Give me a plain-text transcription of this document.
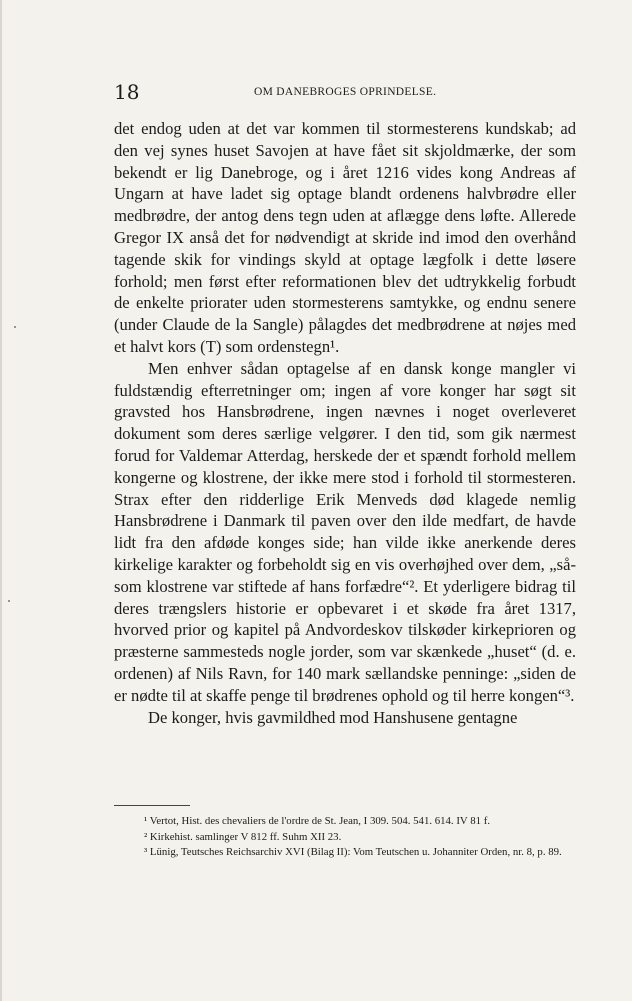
18	OM DANEBROGES OPRINDELSE.

det endog uden at det var kommen til stormesterens kundskab; ad den vej synes huset Savojen at have fået sit skjoldmærke, der som bekendt er lig Danebroge, og i året 1216 vides kong Andreas af Ungarn at have ladet sig optage blandt ordenens halvbrødre eller medbrødre, der antog dens tegn uden at aflægge dens løfte. Allerede Gregor IX anså det for nødvendigt at skride ind imod den overhånd tagende skik for vindings skyld at optage lægfolk i dette løsere forhold; men først efter reformationen blev det udtrykkelig forbudt de enkelte priorater uden stormesterens samtykke, og endnu senere (under Claude de la Sangle) pålagdes det medbrødrene at nøjes med et halvt kors (T) som ordenstegn¹.

Men enhver sådan optagelse af en dansk konge mangler vi fuldstændig efterretninger om; ingen af vore konger har søgt sit gravsted hos Hansbrødrene, ingen nævnes i noget overleveret dokument som deres særlige velgører. I den tid, som gik nærmest forud for Valdemar Atterdag, herskede der et spændt forhold mellem kongerne og klostrene, der ikke mere stod i forhold til stormesteren. Strax efter den ridderlige Erik Menveds død klagede nemlig Hansbrødrene i Danmark til paven over den ilde medfart, de havde lidt fra den afdøde konges side; han vilde ikke anerkende deres kirkelige karakter og forbeholdt sig en vis overhøjhed over dem, „såsom klostrene var stiftede af hans forfædre“². Et yderligere bidrag til deres trængslers historie er opbevaret i et skøde fra året 1317, hvorved prior og kapitel på Andvordeskov tilskøder kirkeprioren og præsterne sammesteds nogle jorder, som var skænkede „huset“ (d. e. ordenen) af Nils Ravn, for 140 mark sællandske penninge: „siden de er nødte til at skaffe penge til brødrenes ophold og til herre kongen“³.

De konger, hvis gavmildhed mod Hanshusene gentagne

¹ Vertot, Hist. des chevaliers de l'ordre de St. Jean, I 309. 504. 541. 614. IV 81 f.

² Kirkehist. samlinger V 812 ff. Suhm XII 23.

³ Lünig, Teutsches Reichsarchiv XVI (Bilag II): Vom Teutschen u. Johanniter Orden, nr. 8, p. 89.
